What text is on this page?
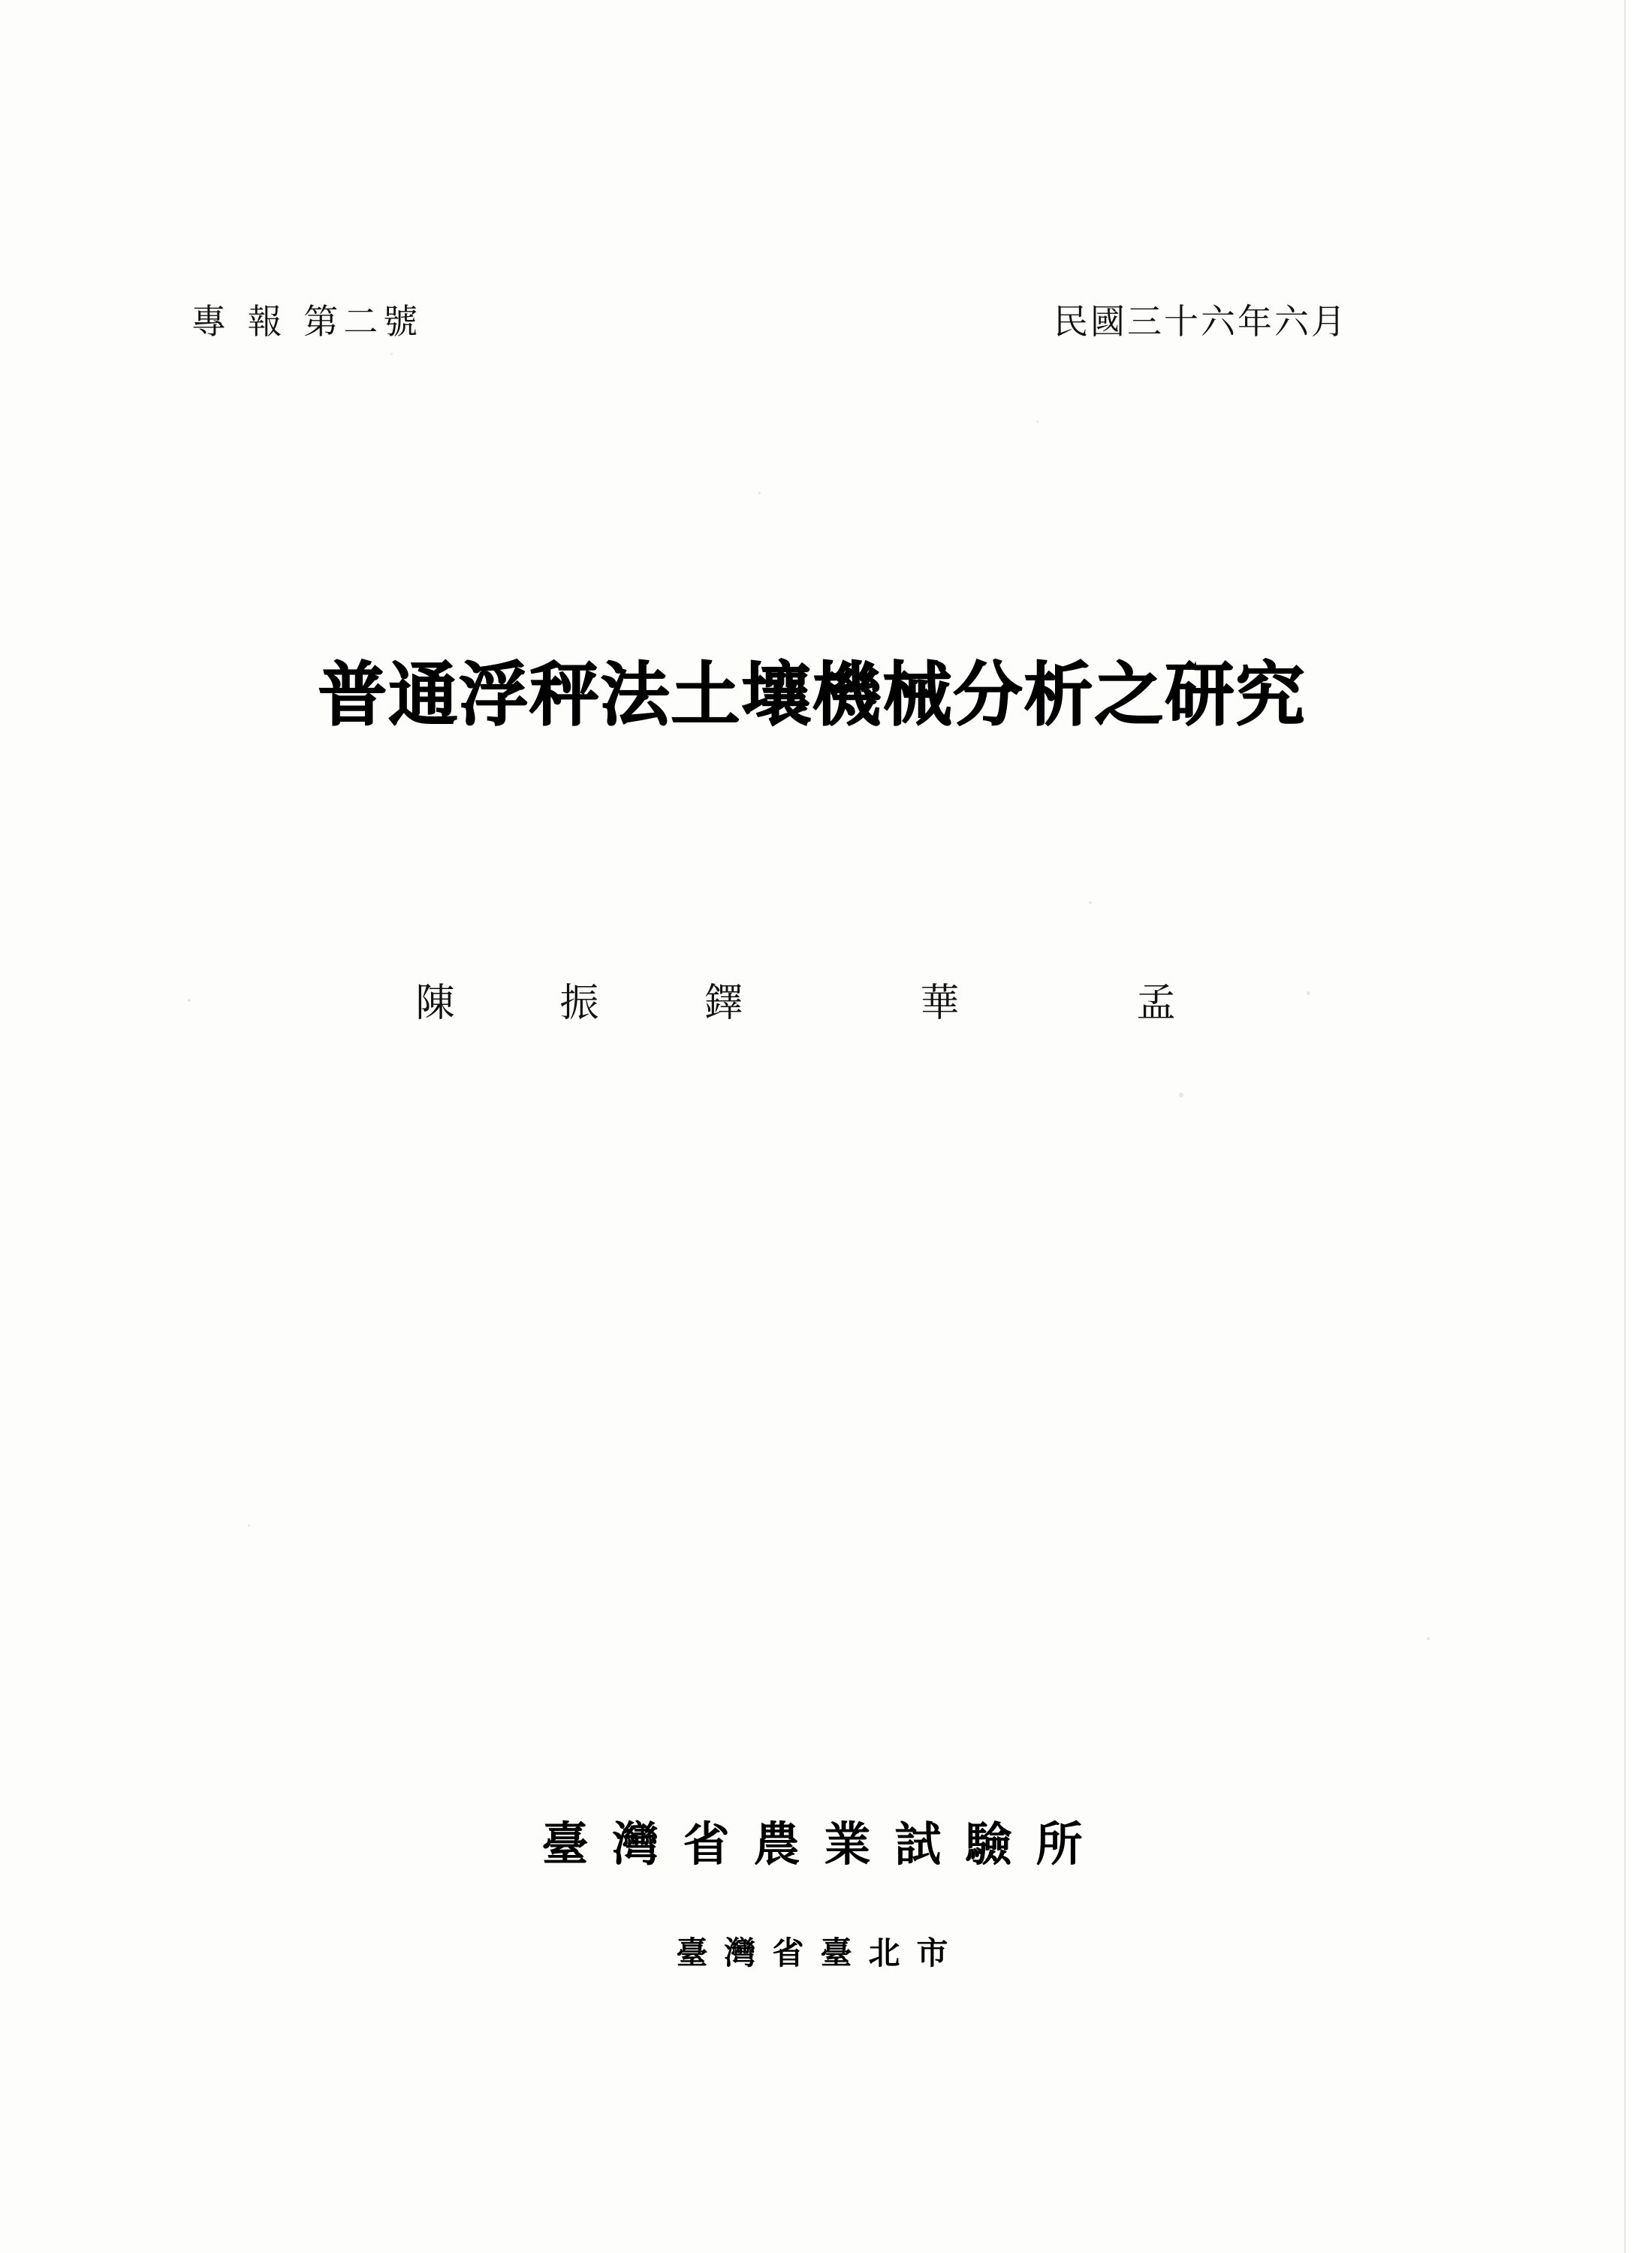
專 報 第二號	民國三十六年六月
普通浮秤法土壤機械分析之研究
陳　振　鐸　　華　　孟
臺灣省農業試驗所
臺灣省臺北市
